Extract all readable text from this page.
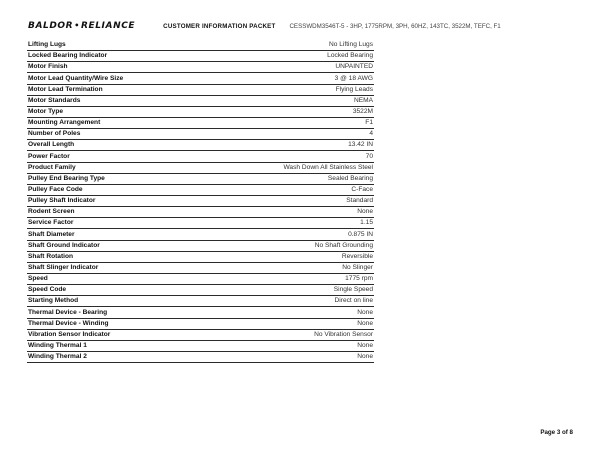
BALDOR•RELIANCE	CUSTOMER INFORMATION PACKET CESSWDM3546T-5 - 3HP, 1775RPM, 3PH, 60HZ, 143TC, 3522M, TEFC, F1
Lifting Lugs	No Lifting Lugs
Locked Bearing Indicator	Locked Bearing
Motor Finish	UNPAINTED
Motor Lead Quantity/Wire Size	3 @ 18 AWG
Motor Lead Termination	Flying Leads
Motor Standards	NEMA
Motor Type	3522M
Mounting Arrangement	F1
Number of Poles	4
Overall Length	13.42 IN
Power Factor	70
Product Family	Wash Down All Stainless Steel
Pulley End Bearing Type	Sealed Bearing
Pulley Face Code	C-Face
Pulley Shaft Indicator	Standard
Rodent Screen	None
Service Factor	1.15
Shaft Diameter	0.875 IN
Shaft Ground Indicator	No Shaft Grounding
Shaft Rotation	Reversible
Shaft Slinger Indicator	No Slinger
Speed	1775 rpm
Speed Code	Single Speed
Starting Method	Direct on line
Thermal Device - Bearing	None
Thermal Device - Winding	None
Vibration Sensor Indicator	No Vibration Sensor
Winding Thermal 1	None
Winding Thermal 2	None
Page 3 of 8
